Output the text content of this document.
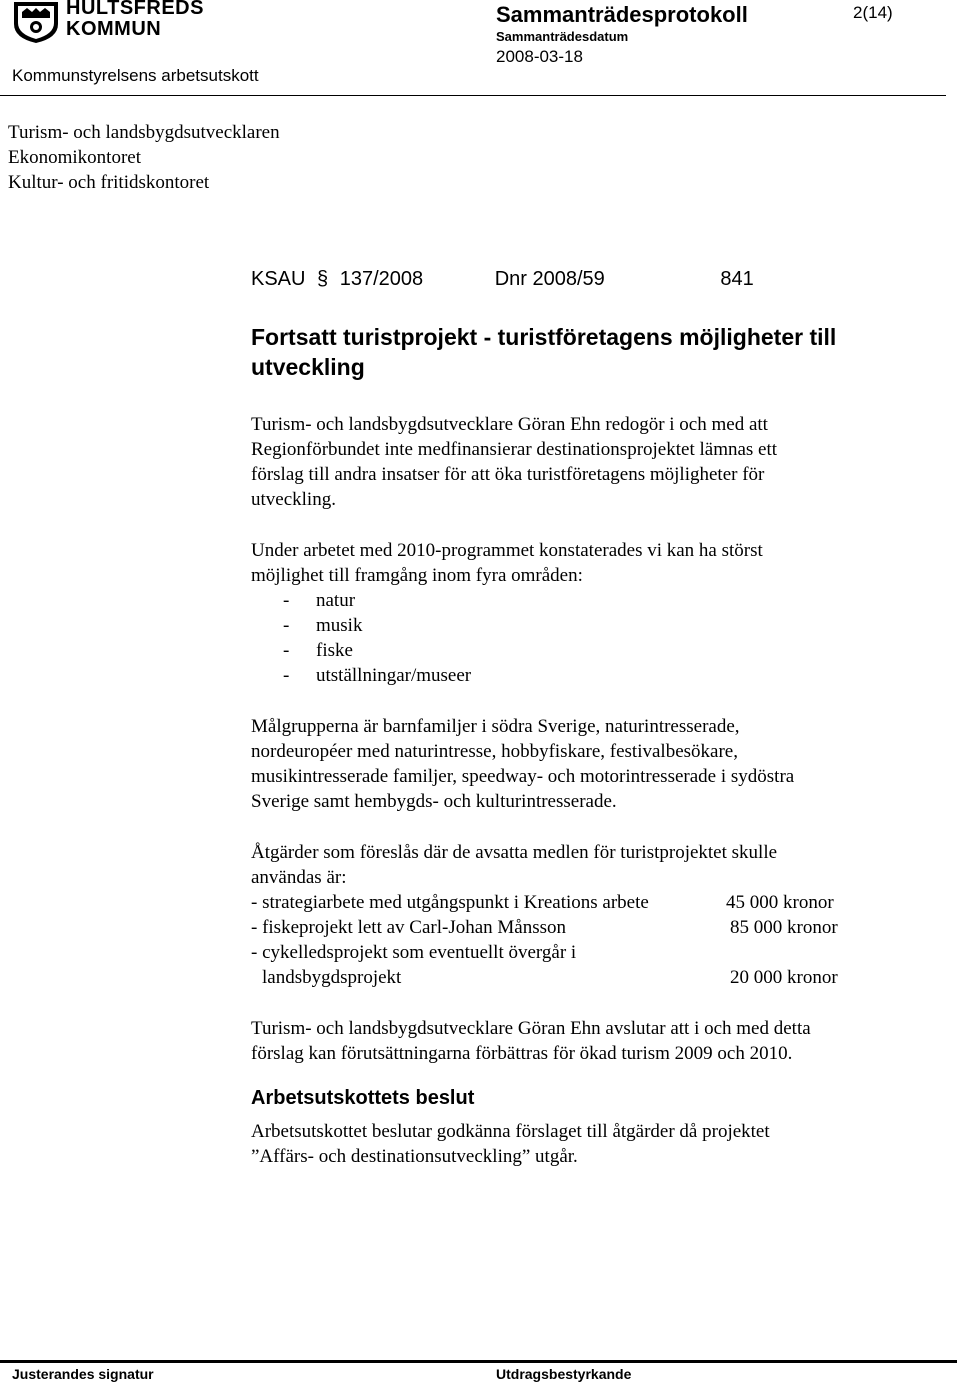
HULTSFREDS
KOMMUN
Kommunstyrelsens arbetsutskott
Sammanträdesprotokoll
Sammanträdesdatum
2008-03-18
2(14)
Turism- och landsbygdsutvecklaren
Ekonomikontoret
Kultur- och fritidskontoret
KSAU § 137/2008	Dnr 2008/59	841
Fortsatt turistprojekt - turistföretagens möjligheter till utveckling
Turism- och landsbygdsutvecklare Göran Ehn redogör i och med att
Regionförbundet inte medfinansierar destinationsprojektet lämnas ett
förslag till andra insatser för att öka turistföretagens möjligheter för
utveckling.
Under arbetet med 2010-programmet konstaterades vi kan ha störst
möjlighet till framgång inom fyra områden:
- natur
- musik
- fiske
- utställningar/museer
Målgrupperna är barnfamiljer i södra Sverige, naturintresserade,
nordeuropéer med naturintresse, hobbyfiskare, festivalbesökare,
musikintresserade familjer, speedway- och motorintresserade i sydöstra
Sverige samt hembygds- och kulturintresserade.
Åtgärder som föreslås där de avsatta medlen för turistprojektet skulle
användas är:
- strategiarbete med utgångspunkt i Kreations arbete	45 000 kronor
- fiskeprojekt lett av Carl-Johan Månsson	85 000 kronor
- cykelledsprojekt som eventuellt övergår i
landsbygdsprojekt	20 000 kronor
Turism- och landsbygdsutvecklare Göran Ehn avslutar att i och med detta
förslag kan förutsättningarna förbättras för ökad turism 2009 och 2010.
Arbetsutskottets beslut
Arbetsutskottet beslutar godkänna förslaget till åtgärder då projektet
”Affärs- och destinationsutveckling” utgår.
Justerandes signatur	Utdragsbestyrkande
